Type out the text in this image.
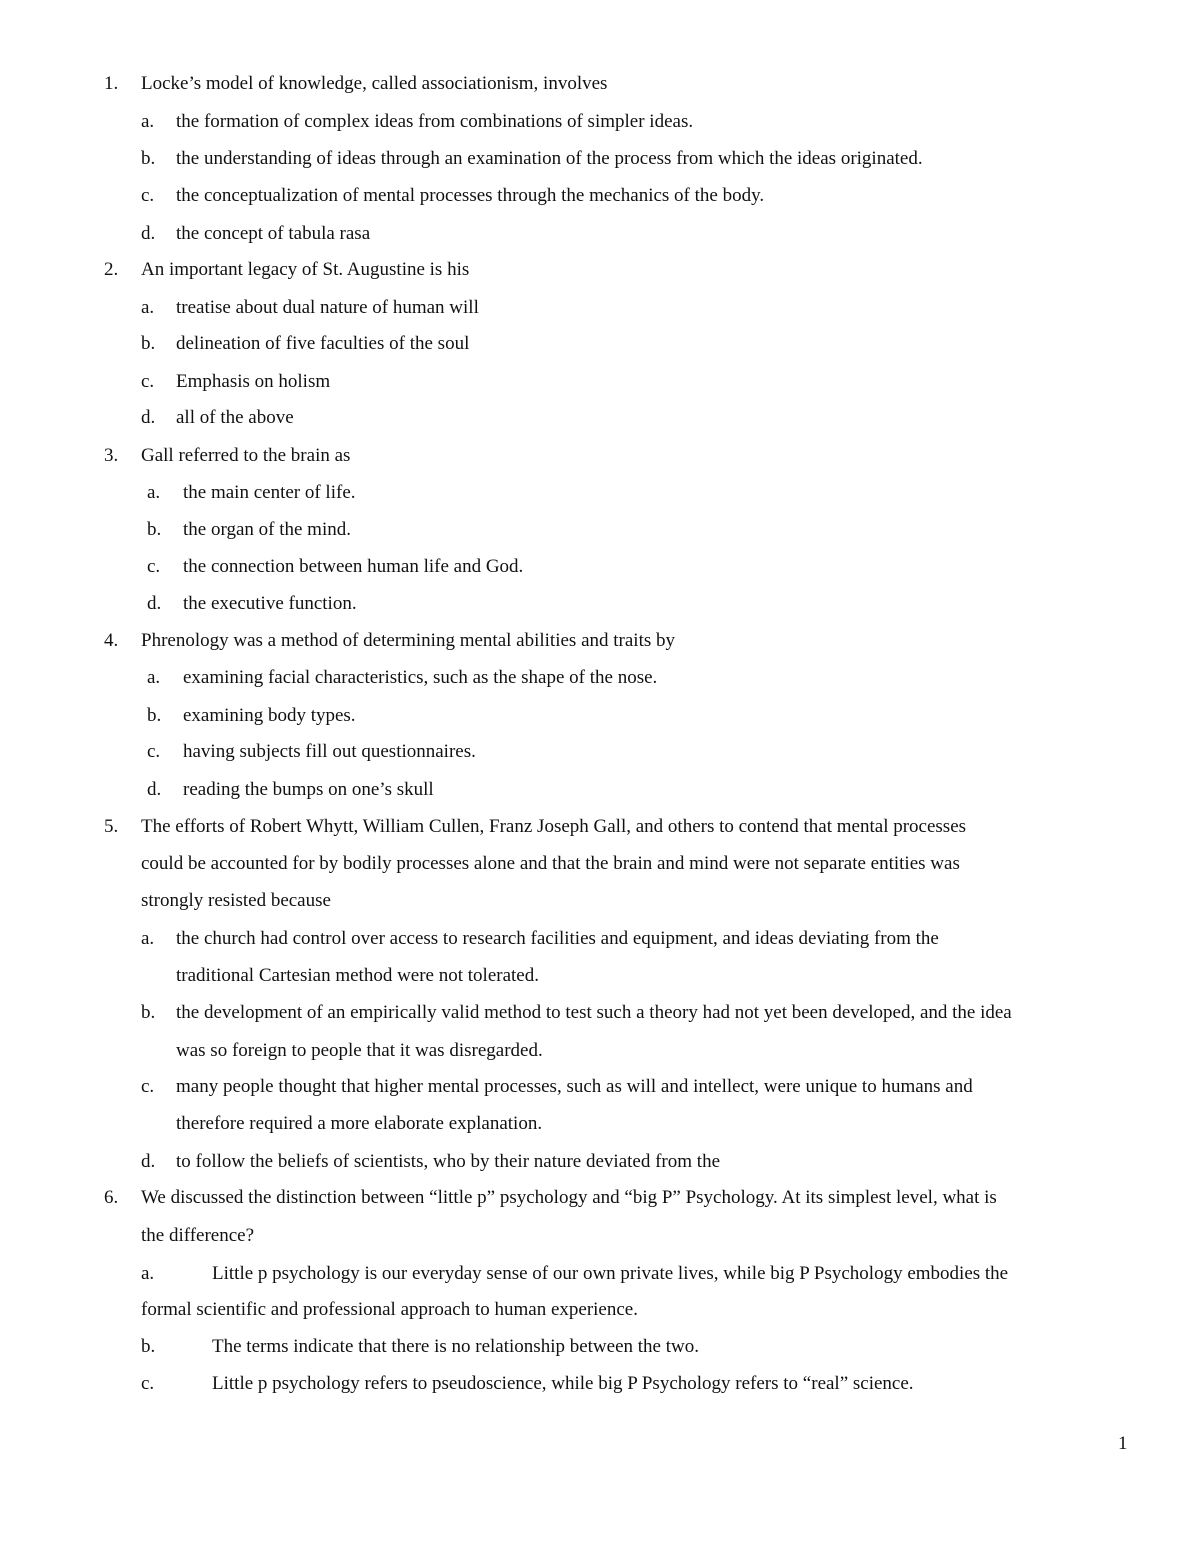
1. Locke’s model of knowledge, called associationism, involves
a. the formation of complex ideas from combinations of simpler ideas.
b. the understanding of ideas through an examination of the process from which the ideas originated.
c. the conceptualization of mental processes through the mechanics of the body.
d. the concept of tabula rasa
2. An important legacy of St. Augustine is his
a. treatise about dual nature of human will
b. delineation of five faculties of the soul
c. Emphasis on holism
d. all of the above
3. Gall referred to the brain as
a. the main center of life.
b. the organ of the mind.
c. the connection between human life and God.
d. the executive function.
4. Phrenology was a method of determining mental abilities and traits by
a. examining facial characteristics, such as the shape of the nose.
b. examining body types.
c. having subjects fill out questionnaires.
d. reading the bumps on one’s skull
5. The efforts of Robert Whytt, William Cullen, Franz Joseph Gall, and others to contend that mental processes
could be accounted for by bodily processes alone and that the brain and mind were not separate entities was
strongly resisted because
a. the church had control over access to research facilities and equipment, and ideas deviating from the
traditional Cartesian method were not tolerated.
b. the development of an empirically valid method to test such a theory had not yet been developed, and the idea
was so foreign to people that it was disregarded.
c. many people thought that higher mental processes, such as will and intellect, were unique to humans and
therefore required a more elaborate explanation.
d. to follow the beliefs of scientists, who by their nature deviated from the
6. We discussed the distinction between “little p” psychology and “big P” Psychology. At its simplest level, what is
the difference?
a.	Little p psychology is our everyday sense of our own private lives, while big P Psychology embodies the
formal scientific and professional approach to human experience.
b.	The terms indicate that there is no relationship between the two.
c.	Little p psychology refers to pseudoscience, while big P Psychology refers to “real” science.
1
